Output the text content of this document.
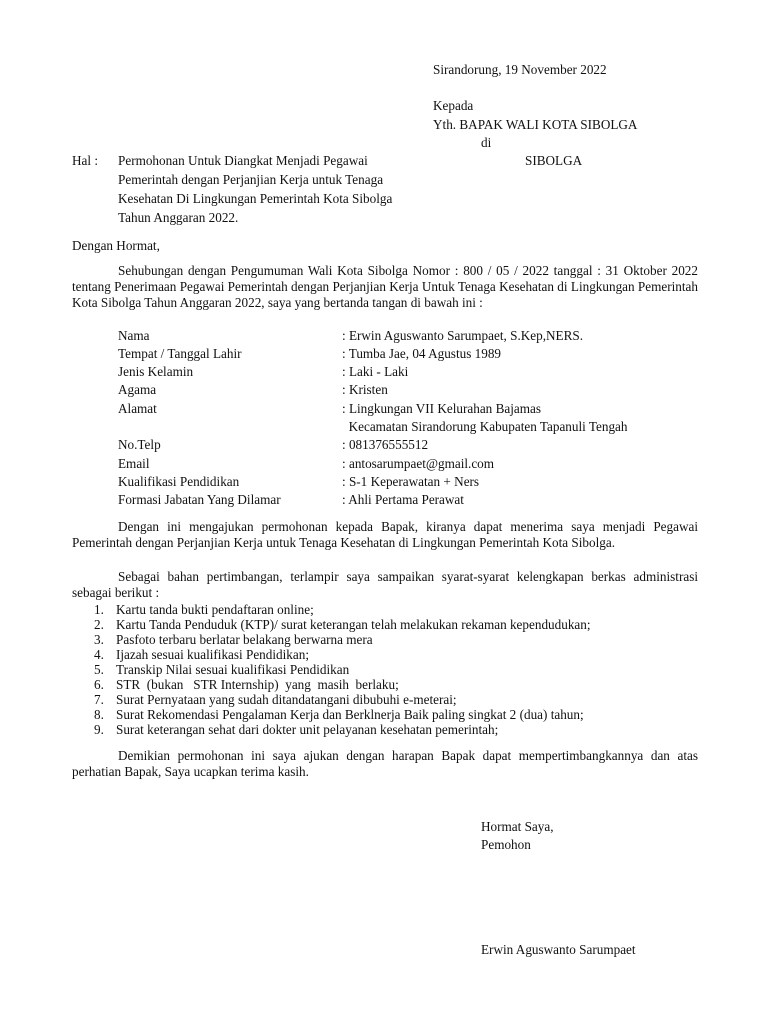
Sirandorung, 19 November 2022
Kepada
Yth. BAPAK WALI KOTA SIBOLGA
di
SIBOLGA
Hal : Permohonan Untuk Diangkat Menjadi Pegawai
Pemerintah dengan Perjanjian Kerja untuk Tenaga
Kesehatan Di Lingkungan Pemerintah Kota Sibolga
Tahun Anggaran 2022.
Dengan Hormat,
Sehubungan dengan Pengumuman Wali Kota Sibolga Nomor : 800 / 05 / 2022 tanggal : 31 Oktober 2022 tentang Penerimaan Pegawai Pemerintah dengan Perjanjian Kerja Untuk Tenaga Kesehatan di Lingkungan Pemerintah Kota Sibolga Tahun Anggaran 2022, saya yang bertanda tangan di bawah ini :
Nama	: Erwin Aguswanto Sarumpaet, S.Kep,NERS.
Tempat / Tanggal Lahir	: Tumba Jae, 04 Agustus 1989
Jenis Kelamin	: Laki - Laki
Agama	: Kristen
Alamat	: Lingkungan VII Kelurahan Bajamas
Kecamatan Sirandorung Kabupaten Tapanuli Tengah
No.Telp	: 081376555512
Email	: antosarumpaet@gmail.com
Kualifikasi Pendidikan	: S-1 Keperawatan + Ners
Formasi Jabatan Yang Dilamar	: Ahli Pertama Perawat
Dengan ini mengajukan permohonan kepada Bapak, kiranya dapat menerima saya menjadi Pegawai Pemerintah dengan Perjanjian Kerja untuk Tenaga Kesehatan di Lingkungan Pemerintah Kota Sibolga.
Sebagai bahan pertimbangan, terlampir saya sampaikan syarat-syarat kelengkapan berkas administrasi sebagai berikut :
1. Kartu tanda bukti pendaftaran online;
2. Kartu Tanda Penduduk (KTP)/ surat keterangan telah melakukan rekaman kependudukan;
3. Pasfoto terbaru berlatar belakang berwarna mera
4. Ijazah sesuai kualifikasi Pendidikan;
5. Transkip Nilai sesuai kualifikasi Pendidikan
6. STR  (bukan   STR Internship)  yang  masih  berlaku;
7. Surat Pernyataan yang sudah ditandatangani dibubuhi e-meterai;
8. Surat Rekomendasi Pengalaman Kerja dan Berklnerja Baik paling singkat 2 (dua) tahun;
9. Surat keterangan sehat dari dokter unit pelayanan kesehatan pemerintah;
Demikian permohonan ini saya ajukan dengan harapan Bapak dapat mempertimbangkannya dan atas perhatian Bapak, Saya ucapkan terima kasih.
Hormat Saya,
Pemohon
Erwin Aguswanto Sarumpaet
